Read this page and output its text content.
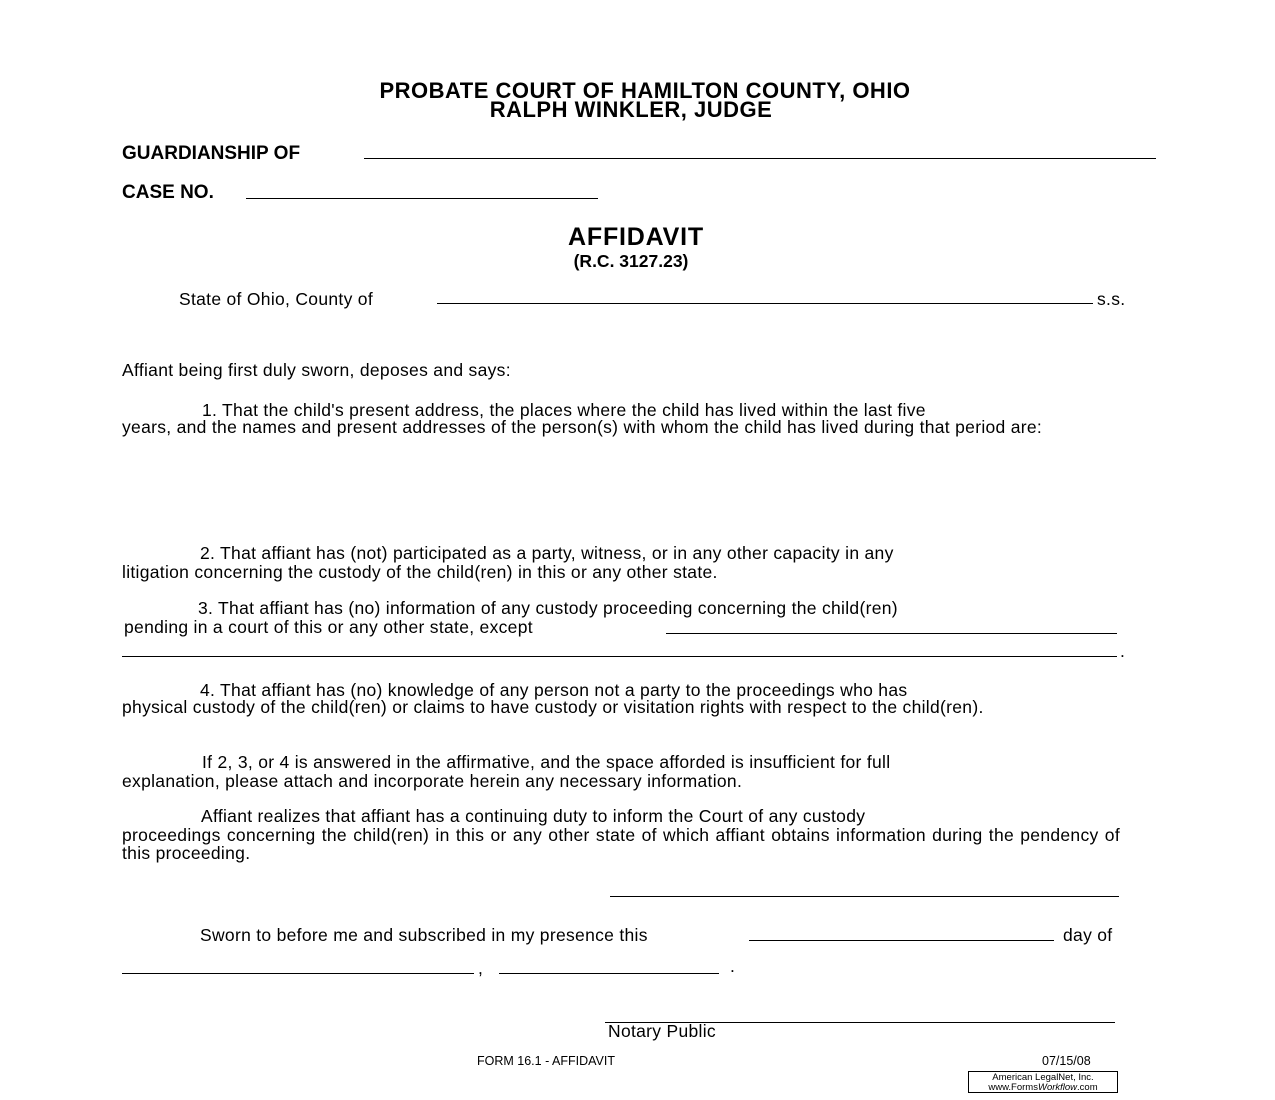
PROBATE COURT OF HAMILTON COUNTY, OHIO
RALPH WINKLER, JUDGE
GUARDIANSHIP OF
CASE NO.
AFFIDAVIT
(R.C. 3127.23)
State of Ohio, County of	s.s.
Affiant being first duly sworn, deposes and says:
1. That the child's present address, the places where the child has lived within the last five
years, and the names and present addresses of the person(s) with whom the child has lived during that period are:
2. That affiant has (not) participated as a party, witness, or in any other capacity in any
litigation concerning the custody of the child(ren) in this or any other state.
3. That affiant has (no) information of any custody proceeding concerning the child(ren)
pending in a court of this or any other state, except
.
4. That affiant has (no) knowledge of any person not a party to the proceedings who has
physical custody of the child(ren) or claims to have custody or visitation rights with respect to the child(ren).
If 2, 3, or 4 is answered in the affirmative, and the space afforded is insufficient for full
explanation, please attach and incorporate herein any necessary information.
Affiant realizes that affiant has a continuing duty to inform the Court of any custody
proceedings concerning the child(ren) in this or any other state of which affiant obtains information during the pendency of this proceeding.
Sworn to before me and subscribed in my presence this	day of
,	.
Notary Public
FORM 16.1 - AFFIDAVIT	07/15/08
American LegalNet, Inc.
www.FormsWorkflow.com
